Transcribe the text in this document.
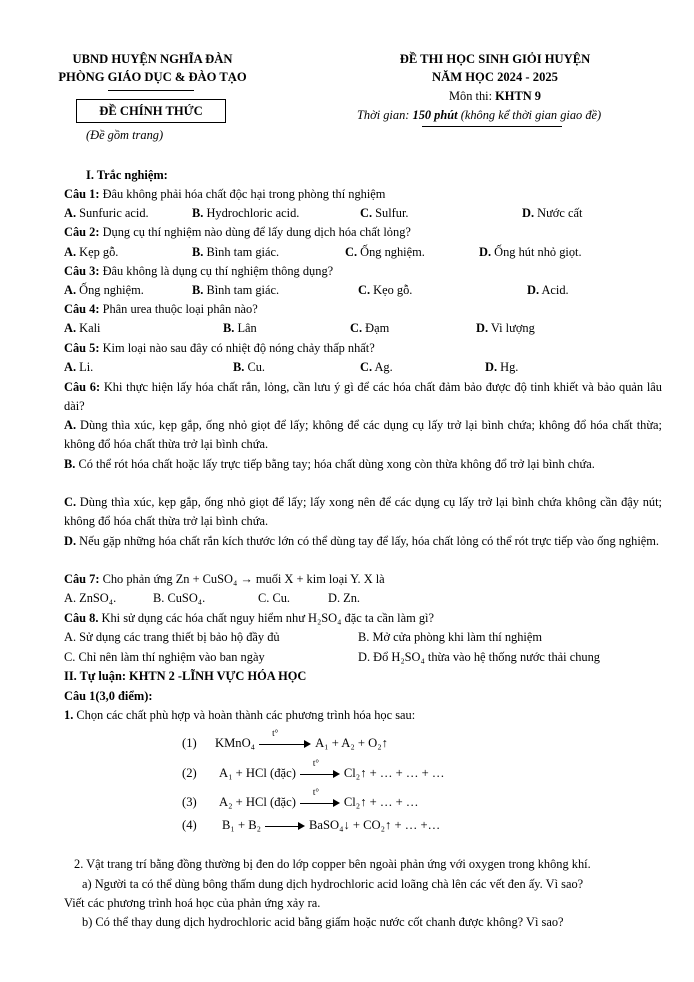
UBND HUYỆN NGHĨA ĐÀN
PHÒNG GIÁO DỤC & ĐÀO TẠO
ĐỀ CHÍNH THỨC
(Đề gồm trang)
ĐỀ THI HỌC SINH GIỎI HUYỆN
NĂM HỌC 2024 - 2025
Môn thi: KHTN 9
Thời gian: 150 phút (không kể thời gian giao đề)
I. Trắc nghiệm:
Câu 1: Đâu không phải hóa chất độc hại trong phòng thí nghiệm
A. Sunfuric acid.	B. Hydrochloric acid.	C. Sulfur.	D. Nước cất
Câu 2: Dụng cụ thí nghiệm nào dùng để lấy dung dịch hóa chất lỏng?
A. Kẹp gỗ.	B. Bình tam giác.	C. Ống nghiệm.	D. Ống hút nhỏ giọt.
Câu 3: Đâu không là dụng cụ thí nghiệm thông dụng?
A. Ống nghiệm.	B. Bình tam giác.	C. Kẹo gỗ.	D. Acid.
Câu 4: Phân urea thuộc loại phân nào?
A. Kali	B. Lân	C. Đạm	D. Vi lượng
Câu 5: Kim loại nào sau đây có nhiệt độ nóng chảy thấp nhất?
A. Li.	B. Cu.	C. Ag.	D. Hg.
Câu 6: Khi thực hiện lấy hóa chất rắn, lỏng, cần lưu ý gì để các hóa chất đảm bảo được độ tinh khiết và bảo quản lâu dài?
A. Dùng thìa xúc, kẹp gắp, ống nhỏ giọt để lấy; không để các dụng cụ lấy trở lại bình chứa; không đổ hóa chất thừa; không đổ hóa chất thừa trở lại bình chứa.
B. Có thể rót hóa chất hoặc lấy trực tiếp bằng tay; hóa chất dùng xong còn thừa không đổ trở lại bình chứa.
C. Dùng thìa xúc, kẹp gắp, ống nhỏ giọt để lấy; lấy xong nên để các dụng cụ lấy trở lại bình chứa không cần đậy nút; không đổ hóa chất thừa trở lại bình chứa.
D. Nếu gặp những hóa chất rắn kích thước lớn có thể dùng tay để lấy, hóa chất lỏng có thể rót trực tiếp vào ống nghiệm.
Câu 7: Cho phản ứng Zn + CuSO₄ → muối X + kim loại Y. X là
A. ZnSO₄.	B. CuSO₄.	C. Cu.	D. Zn.
Câu 8. Khi sử dụng các hóa chất nguy hiểm như H₂SO₄ đặc ta cần làm gì?
A. Sử dụng các trang thiết bị bảo hộ đầy đủ	B. Mở cửa phòng khi làm thí nghiệm
C. Chỉ nên làm thí nghiệm vào ban ngày	D. Đổ H₂SO₄ thừa vào hệ thống nước thải chung
II. Tự luận: KHTN 2 -LĨNH VỰC HÓA HỌC
Câu 1(3,0 điểm):
1. Chọn các chất phù hợp và hoàn thành các phương trình hóa học sau:
(1) KMnO₄
t°
A₁ + A₂ + O₂↑
(2) A₁ + HCl (đặc)
t°
Cl₂↑ + … + … + …
(3) A₂ + HCl (đặc)
t°
Cl₂↑ + … + …
(4) B₁ + B₂	BaSO₄↓ + CO₂↑ + … +…
2. Vật trang trí bằng đồng thường bị đen do lớp copper bên ngoài phản ứng với oxygen trong không khí.
a) Người ta có thể dùng bông thấm dung dịch hydrochloric acid loãng chà lên các vết đen ấy. Vì sao?
Viết các phương trình hoá học của phản ứng xảy ra.
b) Có thể thay dung dịch hydrochloric acid bằng giấm hoặc nước cốt chanh được không? Vì sao?
